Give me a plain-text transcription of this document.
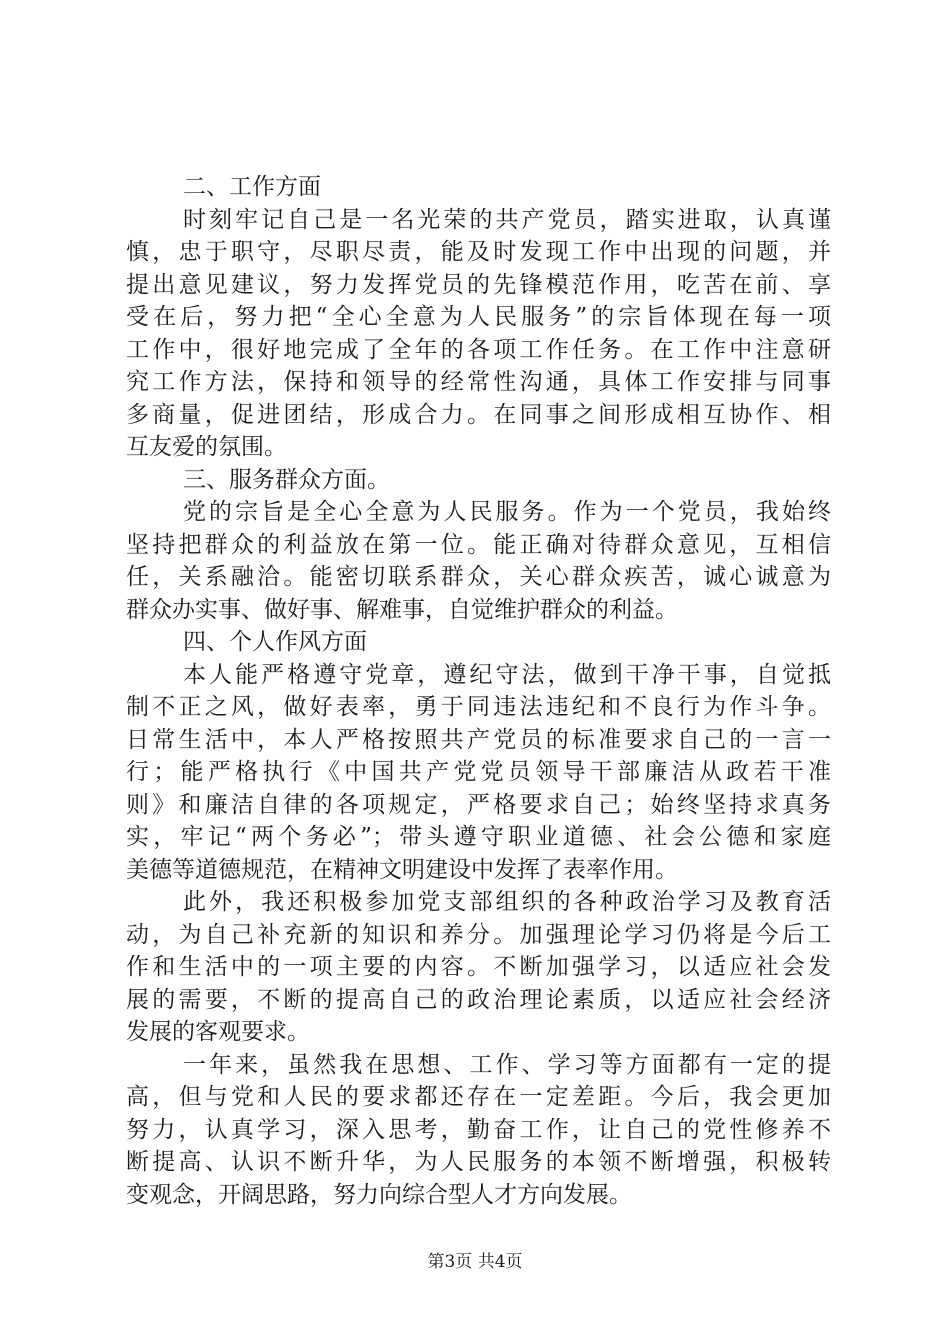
二、工作方面
时刻牢记自己是一名光荣的共产党员，踏实进取，认真谨
慎，忠于职守，尽职尽责，能及时发现工作中出现的问题，并
提出意见建议，努力发挥党员的先锋模范作用，吃苦在前、享
受在后，努力把“全心全意为人民服务”的宗旨体现在每一项
工作中，很好地完成了全年的各项工作任务。在工作中注意研
究工作方法，保持和领导的经常性沟通，具体工作安排与同事
多商量，促进团结，形成合力。在同事之间形成相互协作、相
互友爱的氛围。
三、服务群众方面。
党的宗旨是全心全意为人民服务。作为一个党员，我始终
坚持把群众的利益放在第一位。能正确对待群众意见，互相信
任，关系融洽。能密切联系群众，关心群众疾苦，诚心诚意为
群众办实事、做好事、解难事，自觉维护群众的利益。
四、个人作风方面
本人能严格遵守党章，遵纪守法，做到干净干事，自觉抵
制不正之风，做好表率，勇于同违法违纪和不良行为作斗争。
日常生活中，本人严格按照共产党员的标准要求自己的一言一
行；能严格执行《中国共产党党员领导干部廉洁从政若干准
则》和廉洁自律的各项规定，严格要求自己；始终坚持求真务
实，牢记“两个务必”；带头遵守职业道德、社会公德和家庭
美德等道德规范，在精神文明建设中发挥了表率作用。
此外，我还积极参加党支部组织的各种政治学习及教育活
动，为自己补充新的知识和养分。加强理论学习仍将是今后工
作和生活中的一项主要的内容。不断加强学习，以适应社会发
展的需要，不断的提高自己的政治理论素质，以适应社会经济
发展的客观要求。
一年来，虽然我在思想、工作、学习等方面都有一定的提
高，但与党和人民的要求都还存在一定差距。今后，我会更加
努力，认真学习，深入思考，勤奋工作，让自己的党性修养不
断提高、认识不断升华，为人民服务的本领不断增强，积极转
变观念，开阔思路，努力向综合型人才方向发展。
第3页 共4页
